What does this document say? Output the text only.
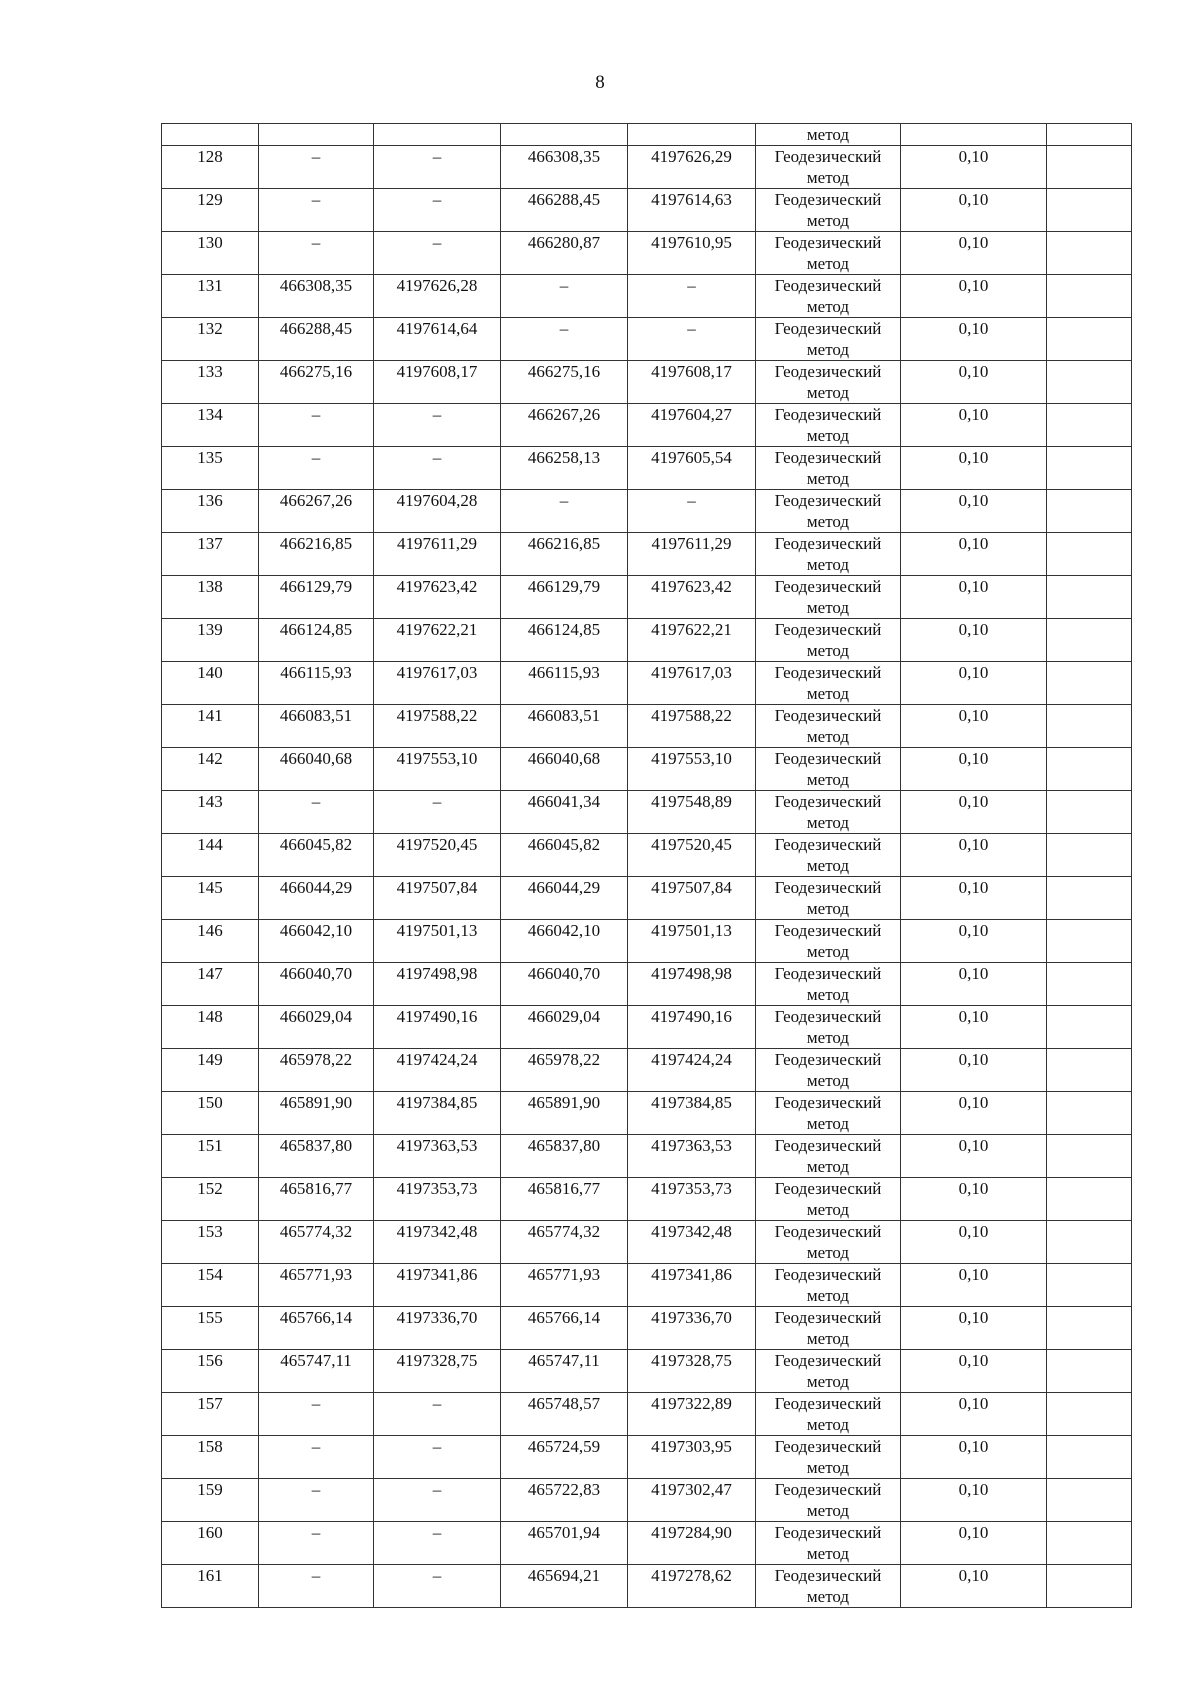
8
					метод		
128	–	–	466308,35	4197626,29	Геодезический
метод	0,10	
129	–	–	466288,45	4197614,63	Геодезический
метод	0,10	
130	–	–	466280,87	4197610,95	Геодезический
метод	0,10	
131	466308,35	4197626,28	–	–	Геодезический
метод	0,10	
132	466288,45	4197614,64	–	–	Геодезический
метод	0,10	
133	466275,16	4197608,17	466275,16	4197608,17	Геодезический
метод	0,10	
134	–	–	466267,26	4197604,27	Геодезический
метод	0,10	
135	–	–	466258,13	4197605,54	Геодезический
метод	0,10	
136	466267,26	4197604,28	–	–	Геодезический
метод	0,10	
137	466216,85	4197611,29	466216,85	4197611,29	Геодезический
метод	0,10	
138	466129,79	4197623,42	466129,79	4197623,42	Геодезический
метод	0,10	
139	466124,85	4197622,21	466124,85	4197622,21	Геодезический
метод	0,10	
140	466115,93	4197617,03	466115,93	4197617,03	Геодезический
метод	0,10	
141	466083,51	4197588,22	466083,51	4197588,22	Геодезический
метод	0,10	
142	466040,68	4197553,10	466040,68	4197553,10	Геодезический
метод	0,10	
143	–	–	466041,34	4197548,89	Геодезический
метод	0,10	
144	466045,82	4197520,45	466045,82	4197520,45	Геодезический
метод	0,10	
145	466044,29	4197507,84	466044,29	4197507,84	Геодезический
метод	0,10	
146	466042,10	4197501,13	466042,10	4197501,13	Геодезический
метод	0,10	
147	466040,70	4197498,98	466040,70	4197498,98	Геодезический
метод	0,10	
148	466029,04	4197490,16	466029,04	4197490,16	Геодезический
метод	0,10	
149	465978,22	4197424,24	465978,22	4197424,24	Геодезический
метод	0,10	
150	465891,90	4197384,85	465891,90	4197384,85	Геодезический
метод	0,10	
151	465837,80	4197363,53	465837,80	4197363,53	Геодезический
метод	0,10	
152	465816,77	4197353,73	465816,77	4197353,73	Геодезический
метод	0,10	
153	465774,32	4197342,48	465774,32	4197342,48	Геодезический
метод	0,10	
154	465771,93	4197341,86	465771,93	4197341,86	Геодезический
метод	0,10	
155	465766,14	4197336,70	465766,14	4197336,70	Геодезический
метод	0,10	
156	465747,11	4197328,75	465747,11	4197328,75	Геодезический
метод	0,10	
157	–	–	465748,57	4197322,89	Геодезический
метод	0,10	
158	–	–	465724,59	4197303,95	Геодезический
метод	0,10	
159	–	–	465722,83	4197302,47	Геодезический
метод	0,10	
160	–	–	465701,94	4197284,90	Геодезический
метод	0,10	
161	–	–	465694,21	4197278,62	Геодезический
метод	0,10	
